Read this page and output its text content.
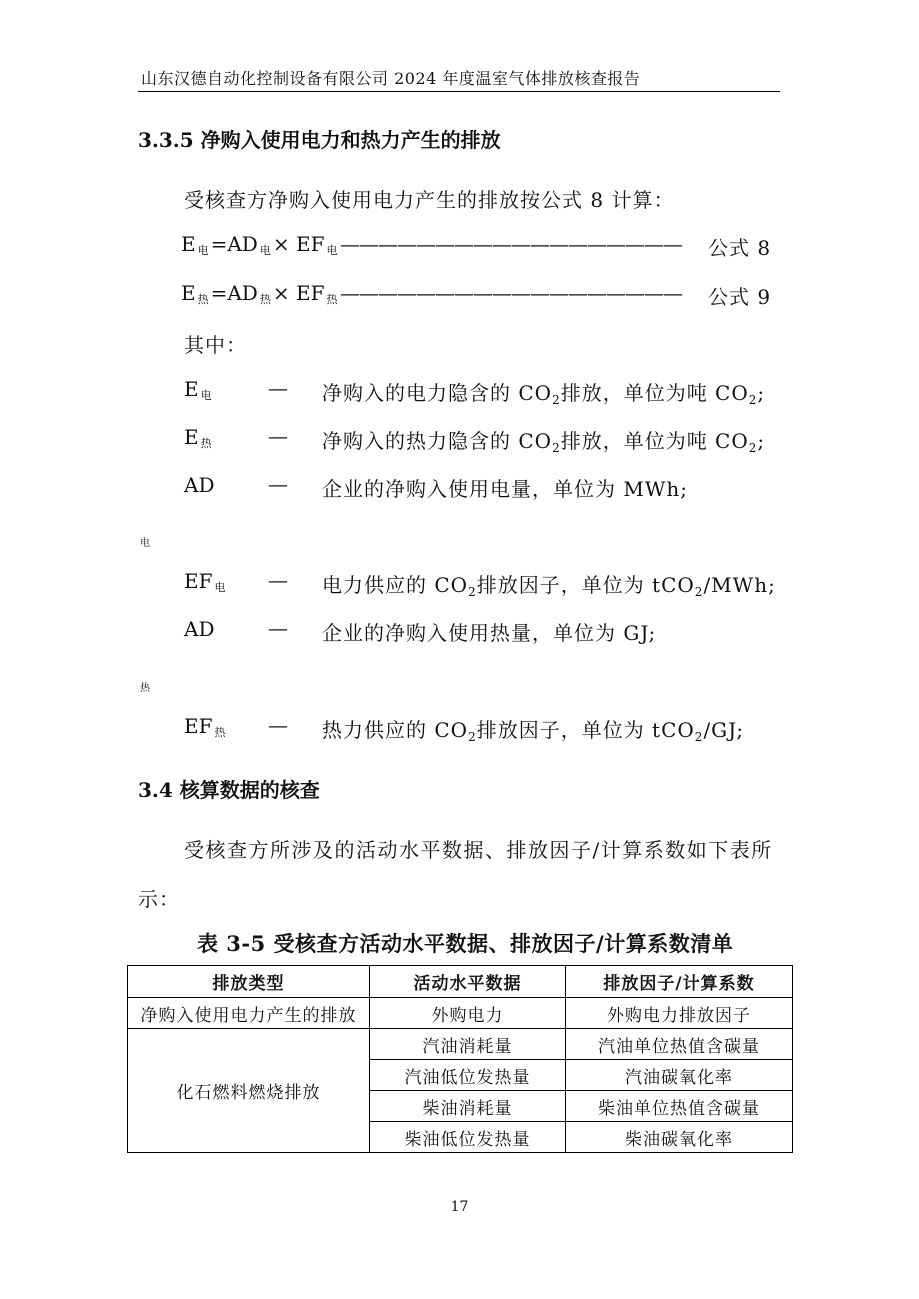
山东汉德自动化控制设备有限公司 2024 年度温室气体排放核查报告
3.3.5 净购入使用电力和热力产生的排放
受核查方净购入使用电力产生的排放按公式 8 计算：
E电 =AD 电 × EF 电 —————————————————— 公式 8
E热 =AD 热 × EF 热 —————————————————— 公式 9
其中：
E电	— 净购入的电力隐含的 $CO_2$排放，单位为吨 $CO_2$;
E热	— 净购入的热力隐含的 $CO_2$排放，单位为吨 $CO_2$;
AD	— 企业的净购入使用电量，单位为 MWh;
电
EF 电 — 电力供应的 $CO_2$排放因子，单位为 tCO$_2$/MWh;
AD	— 企业的净购入使用热量，单位为 GJ;
热
EF 热 — 热力供应的 $CO_2$排放因子，单位为 tCO$_2$/GJ;
3.4 核算数据的核查
受核查方所涉及的活动水平数据、排放因子/计算系数如下表所
示：
表 3-5 受核查方活动水平数据、排放因子/计算系数清单
排放类型	活动水平数据	排放因子/计算系数
净购入使用电力产生的排放	外购电力	外购电力排放因子
化石燃料燃烧排放	汽油消耗量	汽油单位热值含碳量
	汽油低位发热量	汽油碳氧化率
	柴油消耗量	柴油单位热值含碳量
	柴油低位发热量	柴油碳氧化率
17
